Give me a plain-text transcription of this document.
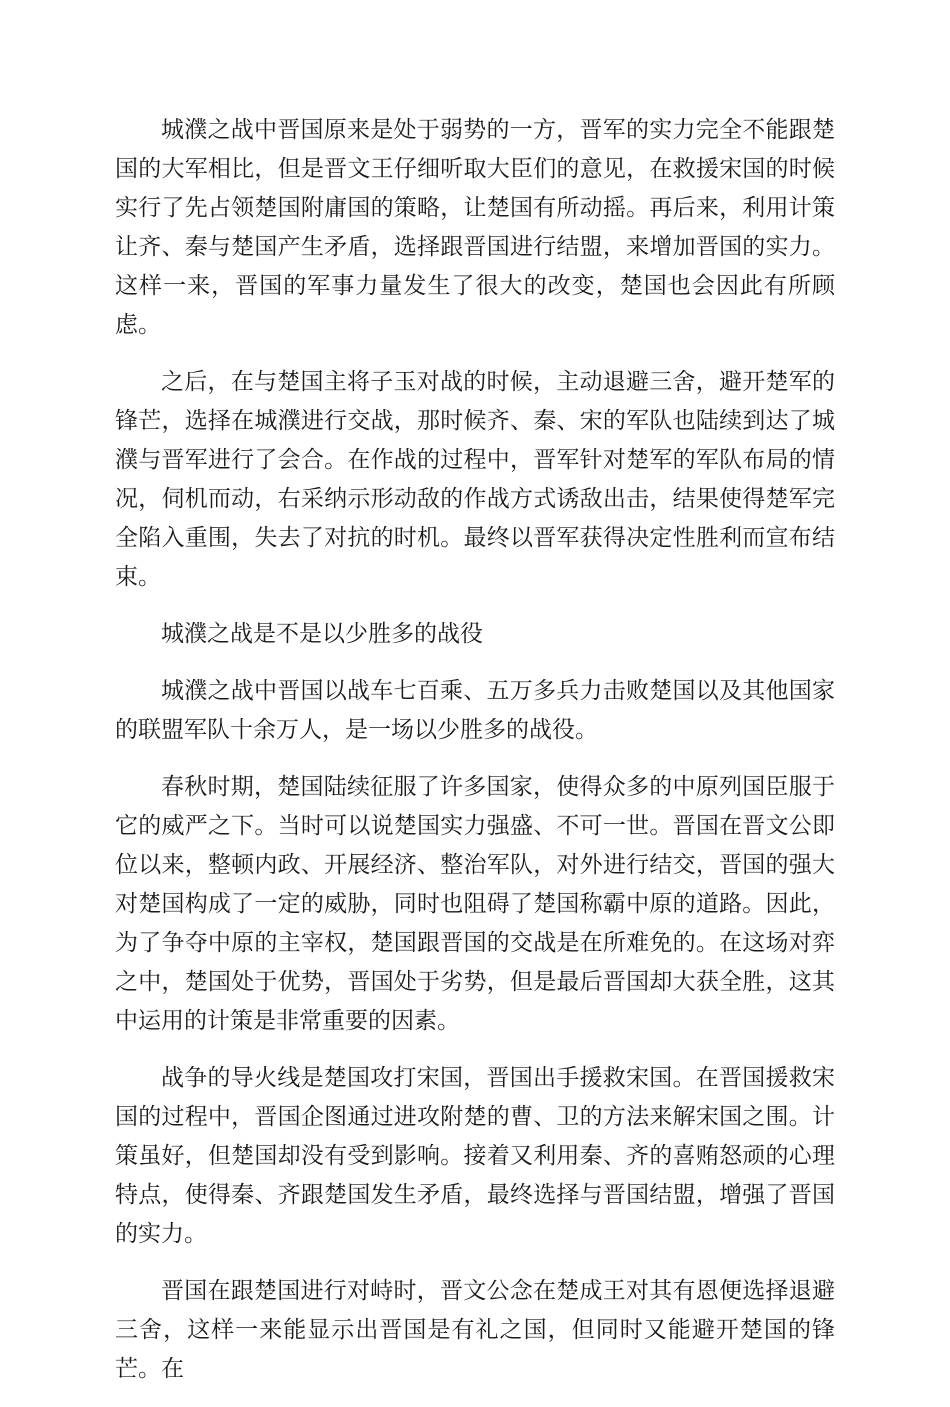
城濮之战中晋国原来是处于弱势的一方，晋军的实力完全不能跟楚国的大军相比，但是晋文王仔细听取大臣们的意见，在救援宋国的时候实行了先占领楚国附庸国的策略，让楚国有所动摇。再后来，利用计策让齐、秦与楚国产生矛盾，选择跟晋国进行结盟，来增加晋国的实力。这样一来，晋国的军事力量发生了很大的改变，楚国也会因此有所顾虑。

之后，在与楚国主将子玉对战的时候，主动退避三舍，避开楚军的锋芒，选择在城濮进行交战，那时候齐、秦、宋的军队也陆续到达了城濮与晋军进行了会合。在作战的过程中，晋军针对楚军的军队布局的情况，伺机而动，右采纳示形动敌的作战方式诱敌出击，结果使得楚军完全陷入重围，失去了对抗的时机。最终以晋军获得决定性胜利而宣布结束。

城濮之战是不是以少胜多的战役

城濮之战中晋国以战车七百乘、五万多兵力击败楚国以及其他国家的联盟军队十余万人，是一场以少胜多的战役。

春秋时期，楚国陆续征服了许多国家，使得众多的中原列国臣服于它的威严之下。当时可以说楚国实力强盛、不可一世。晋国在晋文公即位以来，整顿内政、开展经济、整治军队，对外进行结交，晋国的强大对楚国构成了一定的威胁，同时也阻碍了楚国称霸中原的道路。因此，为了争夺中原的主宰权，楚国跟晋国的交战是在所难免的。在这场对弈之中，楚国处于优势，晋国处于劣势，但是最后晋国却大获全胜，这其中运用的计策是非常重要的因素。

战争的导火线是楚国攻打宋国，晋国出手援救宋国。在晋国援救宋国的过程中，晋国企图通过进攻附楚的曹、卫的方法来解宋国之围。计策虽好，但楚国却没有受到影响。接着又利用秦、齐的喜贿怒顽的心理特点，使得秦、齐跟楚国发生矛盾，最终选择与晋国结盟，增强了晋国的实力。

晋国在跟楚国进行对峙时，晋文公念在楚成王对其有恩便选择退避三舍，这样一来能显示出晋国是有礼之国，但同时又能避开楚国的锋芒。在
